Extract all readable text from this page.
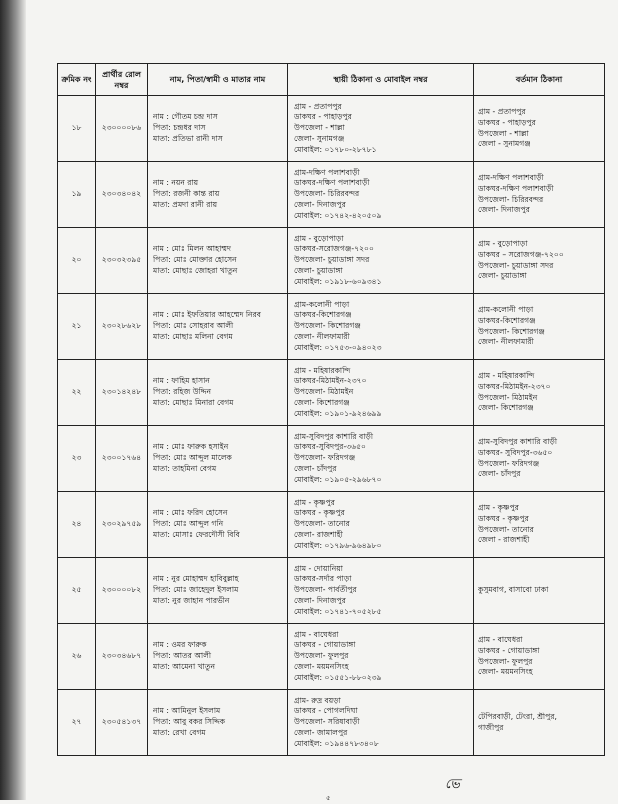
ক্রমিক নং	প্রার্থীর রোল নম্বর	নাম, পিতা/স্বামী ও মাতার নাম	স্থায়ী ঠিকানা ও মোবাইল নম্বর	বর্তমান ঠিকানা
১৮	২৩০০০০৮৬	নাম : গৌতম চন্দ্র দাস
পিতা: চন্দ্রধর দাস
মাতা: প্রতিভা রানী দাস	গ্রাম - প্রতাপপুর
ডাকঘর - পাহাড়পুর
উপজেলা - শাল্লা
জেলা- সুনামগঞ্জ
মোবাইল: ০১৭৮০-২৮৭৮১	গ্রাম - প্রতাপপুর
ডাকঘর - পাহাড়পুর
উপজেলা - শাল্লা
জেলা - সুনামগঞ্জ

১৯	২৩০৩৪০৪২	নাম : নয়ন রায়
পিতা: রজনী কান্ত রায়
মাতা: প্রমদা রানী রায়	গ্রাম-দক্ষিণ পলাশবাড়ী
ডাকঘর-দক্ষিণ পলাশবাড়ী
উপজেলা- চিরিরবন্দর
জেলা- দিনাজপুর
মোবাইল: ০১৭৪২-৪২০৫০৯	গ্রাম-দক্ষিণ পলাশবাড়ী
ডাকঘর-দক্ষিণ পলাশবাড়ী
উপজেলা- চিরিরবন্দর
জেলা- দিনাজপুর

২০	২৩০৩২৩৯৫	নাম : মোঃ মিলন আহাম্মদ
পিতা: মোঃ মোক্তার হোসেন
মাতা: মোছাঃ জোহরা খাতুন	গ্রাম - বুড়োপাড়া
ডাকঘর-সরোজগঞ্জ-৭২০০
উপজেলা- চুয়াডাঙ্গা সদর
জেলা- চুয়াডাঙ্গা
মোবাইল: ০১৯১৮-৬০৯৩৪১	গ্রাম - বুড়োপাড়া
ডাকঘর – সরোজগঞ্জ-৭২০০
উপজেলা- চুয়াডাঙ্গা সদর
জেলা- চুয়াডাঙ্গা

২১	২৩০২৮৬২৮	নাম : মোঃ ইফতিয়ার আহম্মেদ নিরব
পিতা: মোঃ সোহরাব আলী
মাতা: মোছাঃ মলিনা বেগম	গ্রাম-কলোনী পাড়া
ডাকঘর-কিশোরগঞ্জ
উপজেলা- কিশোরগঞ্জ
জেলা- নীলফামারী
মোবাইল: ০১৭৫৩-০৯৪০২৩	গ্রাম-কলোনী পাড়া
ডাকঘর-কিশোরগঞ্জ
উপজেলা- কিশোরগঞ্জ
জেলা- নীলফামারী

২২	২৩০১৪২৪৮	নাম : ফাহিম হাসান
পিতা: রহিজ উদ্দিন
মাতা: মোছাঃ মিনারা বেগম	গ্রাম - মহিষারকান্দি
ডাকঘর-মিঠামইন-২৩৭০
উপজেলা- মিঠামইন
জেলা- কিশোরগঞ্জ
মোবাইল: ০১৯০১-৯২৪৬৯৯	গ্রাম - মহিষারকান্দি
ডাকঘর-মিঠামইন-২৩৭০
উপজেলা- মিঠামইন
জেলা- কিশোরগঞ্জ

২৩	২৩০০১৭৬৪	নাম : মোঃ ফারুক হসাইন
পিতা: মোঃ আব্দুল মালেক
মাতা: তাহমিনা বেগম	গ্রাম-সুবিদপুর কাশারি বাড়ী
ডাকঘর-সুবিদপুর-৩৬৫০
উপজেলা- ফরিদগঞ্জ
জেলা- চাঁদপুর
মোবাইল: ০১৯০৫-২৯৬৮৭০	গ্রাম-সুবিদপুর কাশারি বাড়ী
ডাকঘর- সুবিদপুর-৩৬৫০
উপজেলা- ফরিদগঞ্জ
জেলা- চাঁদপুর

২৪	২৩০২৯৭৫৯	নাম : মোঃ ফরিদ হোসেন
পিতা: মোঃ আব্দুল গনি
মাতা: মোসাঃ ফেরদৌসী বিবি	গ্রাম - কৃষ্ণপুর
ডাকঘর - কৃষ্ণপুর
উপজেলা- তানোর
জেলা- রাজশাহী
মোবাইল: ০১৭৯৬-৯৬৪৯৮০	গ্রাম - কৃষ্ণপুর
ডাকঘর - কৃষ্ণপুর
উপজেলা- তানোর
জেলা - রাজশাহী

২৫	২৩০০০০৮২	নাম : নুর মোহাম্মদ হাবিবুল্লাহ
পিতা: মোঃ জাহেদুল ইসলাম
মাতা: নুর জাহান পারভীন	গ্রাম - দোয়ানিয়া
ডাকঘর-সর্দার পাড়া
উপজেলা- পার্বতীপুর
জেলা- দিনাজপুর
মোবাইল: ০১৭৪১-৭০৫২৮৫	কুসুমবাগ, বাসাবো ঢাকা

২৬	২৩০৩৪৬৮৭	নাম : ওমর ফারুক
পিতা: আতর আলী
মাতা: আমেনা খাতুন	গ্রাম - বাঘেধরা
ডাকঘর - গোয়াডাঙ্গা
উপজেলা- ফুলপুর
জেলা- ময়মনসিংহ
মোবাইল: ০১৫৫১-৮৮০২৩৯	গ্রাম - বাঘেধরা
ডাকঘর - গোয়াডাঙ্গা
উপজেলা- ফুলপুর
জেলা- ময়মনসিংহ

২৭	২৩০৫৪১৩৭	নাম : আমিনুল ইসলাম
পিতা: আবু বকর সিদ্দিক
মাতা: রেখা বেগম	গ্রাম- রুদ্র বয়ড়া
ডাকঘর - পোগলদিঘা
উপজেলা- সরিষাবাড়ী
জেলা- জামালপুর
মোবাইল: ০১৯৪৪৭৮৩৪০৮	টেপিরবাড়ী, টেংরা, শ্রীপুর,
গাজীপুর
ভে
৫
